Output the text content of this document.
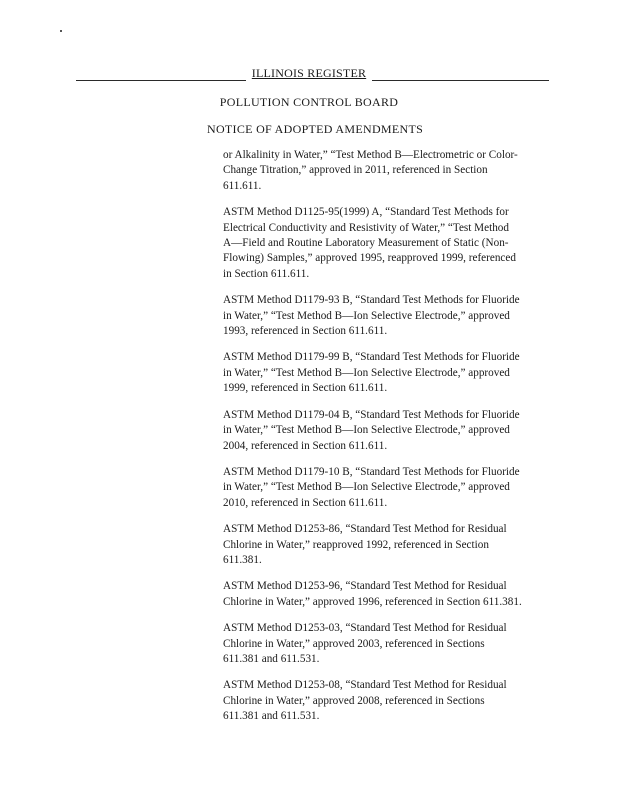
ILLINOIS REGISTER
POLLUTION CONTROL BOARD
NOTICE OF ADOPTED AMENDMENTS
or Alkalinity in Water,” “Test Method B—Electrometric or Color-
Change Titration,” approved in 2011, referenced in Section
611.611.
ASTM Method D1125-95(1999) A, “Standard Test Methods for
Electrical Conductivity and Resistivity of Water,” “Test Method
A—Field and Routine Laboratory Measurement of Static (Non-
Flowing) Samples,” approved 1995, reapproved 1999, referenced
in Section 611.611.
ASTM Method D1179-93 B, “Standard Test Methods for Fluoride
in Water,” “Test Method B—Ion Selective Electrode,” approved
1993, referenced in Section 611.611.
ASTM Method D1179-99 B, “Standard Test Methods for Fluoride
in Water,” “Test Method B—Ion Selective Electrode,” approved
1999, referenced in Section 611.611.
ASTM Method D1179-04 B, “Standard Test Methods for Fluoride
in Water,” “Test Method B—Ion Selective Electrode,” approved
2004, referenced in Section 611.611.
ASTM Method D1179-10 B, “Standard Test Methods for Fluoride
in Water,” “Test Method B—Ion Selective Electrode,” approved
2010, referenced in Section 611.611.
ASTM Method D1253-86, “Standard Test Method for Residual
Chlorine in Water,” reapproved 1992, referenced in Section
611.381.
ASTM Method D1253-96, “Standard Test Method for Residual
Chlorine in Water,” approved 1996, referenced in Section 611.381.
ASTM Method D1253-03, “Standard Test Method for Residual
Chlorine in Water,” approved 2003, referenced in Sections
611.381 and 611.531.
ASTM Method D1253-08, “Standard Test Method for Residual
Chlorine in Water,” approved 2008, referenced in Sections
611.381 and 611.531.
